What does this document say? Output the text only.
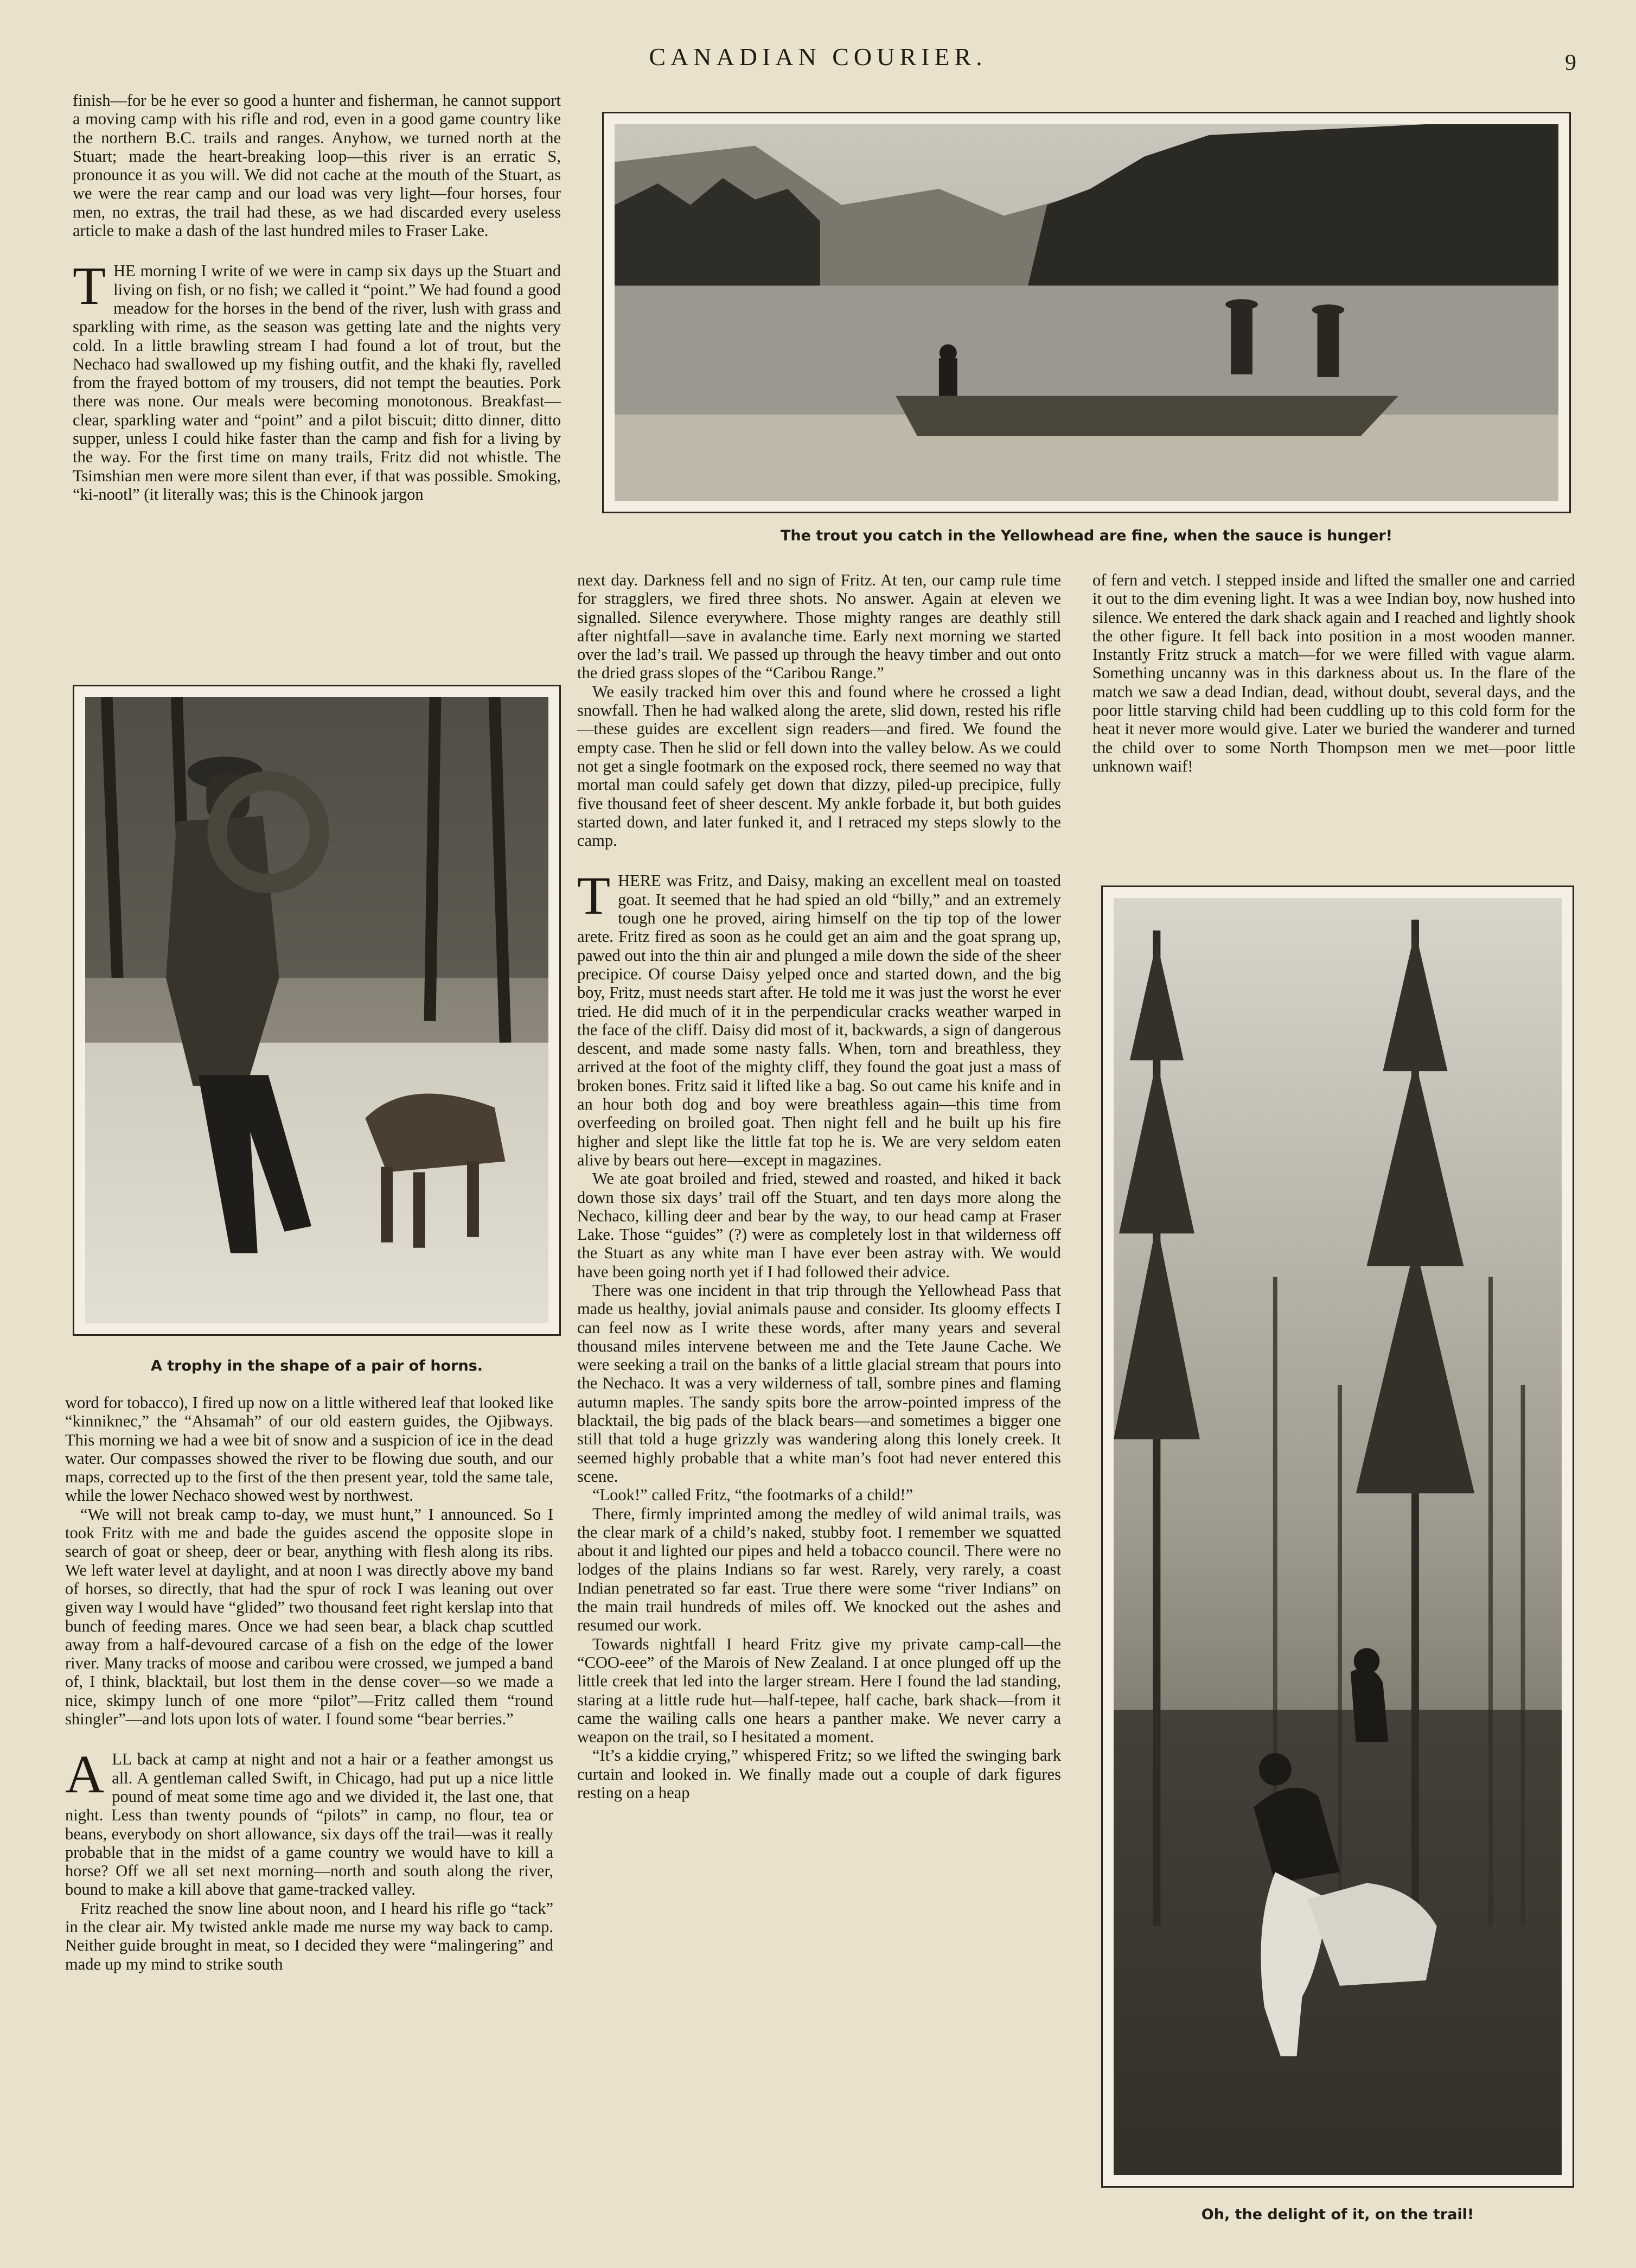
CANADIAN COURIER.	9

finish—for be he ever so good a hunter and fisherman, he cannot support a moving camp with his rifle and rod, even in a good game country like the northern B.C. trails and ranges. Anyhow, we turned north at the Stuart; made the heart-breaking loop—this river is an erratic S, pronounce it as you will. We did not cache at the mouth of the Stuart, as we were the rear camp and our load was very light—four horses, four men, no extras, the trail had these, as we had discarded every useless article to make a dash of the last hundred miles to Fraser Lake.

THE morning I write of we were in camp six days up the Stuart and living on fish, or no fish; we called it “point.” We had found a good meadow for the horses in the bend of the river, lush with grass and sparkling with rime, as the season was getting late and the nights very cold. In a little brawling stream I had found a lot of trout, but the Nechaco had swallowed up my fishing outfit, and the khaki fly, ravelled from the frayed bottom of my trousers, did not tempt the beauties. Pork there was none. Our meals were becoming monotonous. Breakfast—clear, sparkling water and “point” and a pilot biscuit; ditto dinner, ditto supper, unless I could hike faster than the camp and fish for a living by the way. For the first time on many trails, Fritz did not whistle. The Tsimshian men were more silent than ever, if that was possible. Smoking, “ki-nootl” (it literally was; this is the Chinook jargon

A trophy in the shape of a pair of horns.

word for tobacco), I fired up now on a little withered leaf that looked like “kinniknec,” the “Ahsamah” of our old eastern guides, the Ojibways. This morning we had a wee bit of snow and a suspicion of ice in the dead water. Our compasses showed the river to be flowing due south, and our maps, corrected up to the first of the then present year, told the same tale, while the lower Nechaco showed west by northwest.

“We will not break camp to-day, we must hunt,” I announced. So I took Fritz with me and bade the guides ascend the opposite slope in search of goat or sheep, deer or bear, anything with flesh along its ribs. We left water level at daylight, and at noon I was directly above my band of horses, so directly, that had the spur of rock I was leaning out over given way I would have “glided” two thousand feet right kerslap into that bunch of feeding mares. Once we had seen bear, a black chap scuttled away from a half-devoured carcase of a fish on the edge of the lower river. Many tracks of moose and caribou were crossed, we jumped a band of, I think, blacktail, but lost them in the dense cover—so we made a nice, skimpy lunch of one more “pilot”—Fritz called them “round shingler”—and lots upon lots of water. I found some “bear berries.”

ALL back at camp at night and not a hair or a feather amongst us all. A gentleman called Swift, in Chicago, had put up a nice little pound of meat some time ago and we divided it, the last one, that night. Less than twenty pounds of “pilots” in camp, no flour, tea or beans, everybody on short allowance, six days off the trail—was it really probable that in the midst of a game country we would have to kill a horse? Off we all set next morning—north and south along the river, bound to make a kill above that game-tracked valley.

Fritz reached the snow line about noon, and I heard his rifle go “tack” in the clear air. My twisted ankle made me nurse my way back to camp. Neither guide brought in meat, so I decided they were “malingering” and made up my mind to strike south

The trout you catch in the Yellowhead are fine, when the sauce is hunger!

next day. Darkness fell and no sign of Fritz. At ten, our camp rule time for stragglers, we fired three shots. No answer. Again at eleven we signalled. Silence everywhere. Those mighty ranges are deathly still after nightfall—save in avalanche time. Early next morning we started over the lad’s trail. We passed up through the heavy timber and out onto the dried grass slopes of the “Caribou Range.”

We easily tracked him over this and found where he crossed a light snowfall. Then he had walked along the arete, slid down, rested his rifle—these guides are excellent sign readers—and fired. We found the empty case. Then he slid or fell down into the valley below. As we could not get a single footmark on the exposed rock, there seemed no way that mortal man could safely get down that dizzy, piled-up precipice, fully five thousand feet of sheer descent. My ankle forbade it, but both guides started down, and later funked it, and I retraced my steps slowly to the camp.

THERE was Fritz, and Daisy, making an excellent meal on toasted goat. It seemed that he had spied an old “billy,” and an extremely tough one he proved, airing himself on the tip top of the lower arete. Fritz fired as soon as he could get an aim and the goat sprang up, pawed out into the thin air and plunged a mile down the side of the sheer precipice. Of course Daisy yelped once and started down, and the big boy, Fritz, must needs start after. He told me it was just the worst he ever tried. He did much of it in the perpendicular cracks weather warped in the face of the cliff. Daisy did most of it, backwards, a sign of dangerous descent, and made some nasty falls. When, torn and breathless, they arrived at the foot of the mighty cliff, they found the goat just a mass of broken bones. Fritz said it lifted like a bag. So out came his knife and in an hour both dog and boy were breathless again—this time from overfeeding on broiled goat. Then night fell and he built up his fire higher and slept like the little fat top he is. We are very seldom eaten alive by bears out here—except in magazines.

We ate goat broiled and fried, stewed and roasted, and hiked it back down those six days’ trail off the Stuart, and ten days more along the Nechaco, killing deer and bear by the way, to our head camp at Fraser Lake. Those “guides” (?) were as completely lost in that wilderness off the Stuart as any white man I have ever been astray with. We would have been going north yet if I had followed their advice.

There was one incident in that trip through the Yellowhead Pass that made us healthy, jovial animals pause and consider. Its gloomy effects I can feel now as I write these words, after many years and several thousand miles intervene between me and the Tete Jaune Cache. We were seeking a trail on the banks of a little glacial stream that pours into the Nechaco. It was a very wilderness of tall, sombre pines and flaming autumn maples. The sandy spits bore the arrow-pointed impress of the blacktail, the big pads of the black bears—and sometimes a bigger one still that told a huge grizzly was wandering along this lonely creek. It seemed highly probable that a white man’s foot had never entered this scene.

“Look!” called Fritz, “the footmarks of a child!”

There, firmly imprinted among the medley of wild animal trails, was the clear mark of a child’s naked, stubby foot. I remember we squatted about it and lighted our pipes and held a tobacco council. There were no lodges of the plains Indians so far west. Rarely, very rarely, a coast Indian penetrated so far east. True there were some “river Indians” on the main trail hundreds of miles off. We knocked out the ashes and resumed our work.

Towards nightfall I heard Fritz give my private camp-call—the “COO-eee” of the Marois of New Zealand. I at once plunged off up the little creek that led into the larger stream. Here I found the lad standing, staring at a little rude hut—half-tepee, half cache, bark shack—from it came the wailing calls one hears a panther make. We never carry a weapon on the trail, so I hesitated a moment.

“It’s a kiddie crying,” whispered Fritz; so we lifted the swinging bark curtain and looked in. We finally made out a couple of dark figures resting on a heap

of fern and vetch. I stepped inside and lifted the smaller one and carried it out to the dim evening light. It was a wee Indian boy, now hushed into silence. We entered the dark shack again and I reached and lightly shook the other figure. It fell back into position in a most wooden manner. Instantly Fritz struck a match—for we were filled with vague alarm. Something uncanny was in this darkness about us. In the flare of the match we saw a dead Indian, dead, without doubt, several days, and the poor little starving child had been cuddling up to this cold form for the heat it never more would give. Later we buried the wanderer and turned the child over to some North Thompson men we met—poor little unknown waif!

Oh, the delight of it, on the trail!
